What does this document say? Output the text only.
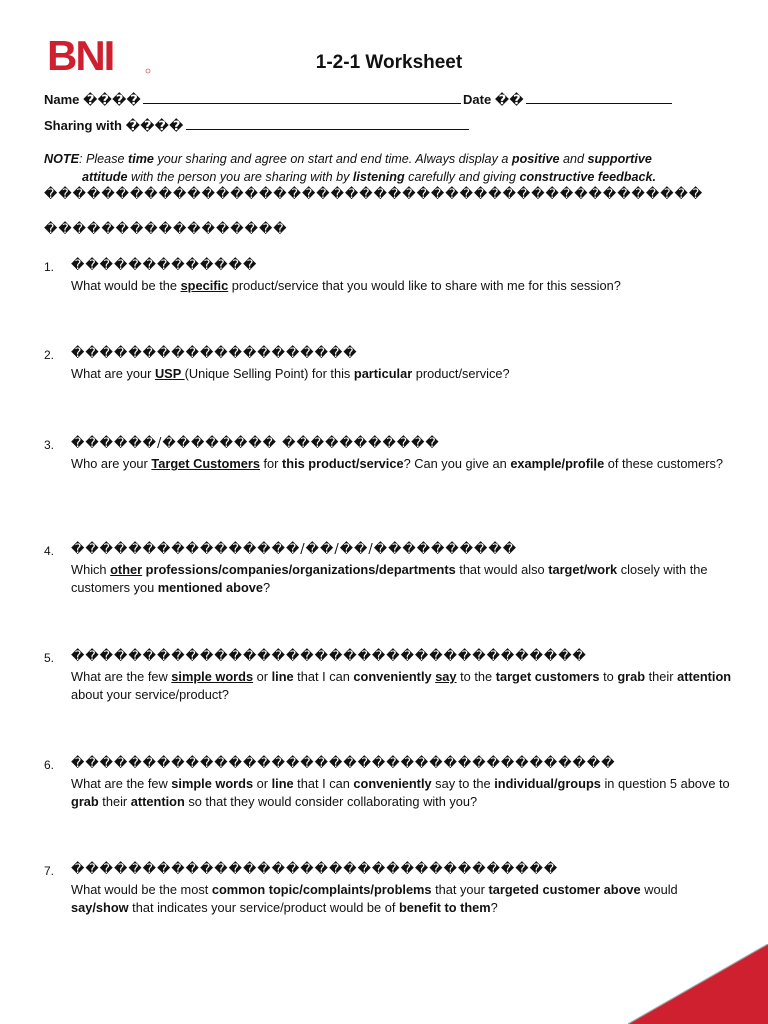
BNI	1-2-1 Worksheet
Name ����	Date ��
Sharing with ����
NOTE: Please time your sharing and agree on start and end time. Always display a positive and supportive
attitude with the person you are sharing with by listening carefully and giving constructive feedback.
����������������������������������������������
�����������������
1. �������������
What would be the specific product/service that you would like to share with me for this session?
2. ��������������������
What are your USP (Unique Selling Point) for this particular product/service?
3. ������/�������� �����������
Who are your Target Customers for this product/service? Can you give an example/profile of these customers?
4. ����������������/��/��/����������
Which other professions/companies/organizations/departments that would also target/work closely with the customers you mentioned above?
5. ������������������������������������
What are the few simple words or line that I can conveniently say to the target customers to grab their attention about your service/product?
6. ��������������������������������������
What are the few simple words or line that I can conveniently say to the individual/groups in question 5 above to grab their attention so that they would consider collaborating with you?
7. ����������������������������������
What would be the most common topic/complaints/problems that your targeted customer above would say/show that indicates your service/product would be of benefit to them?
